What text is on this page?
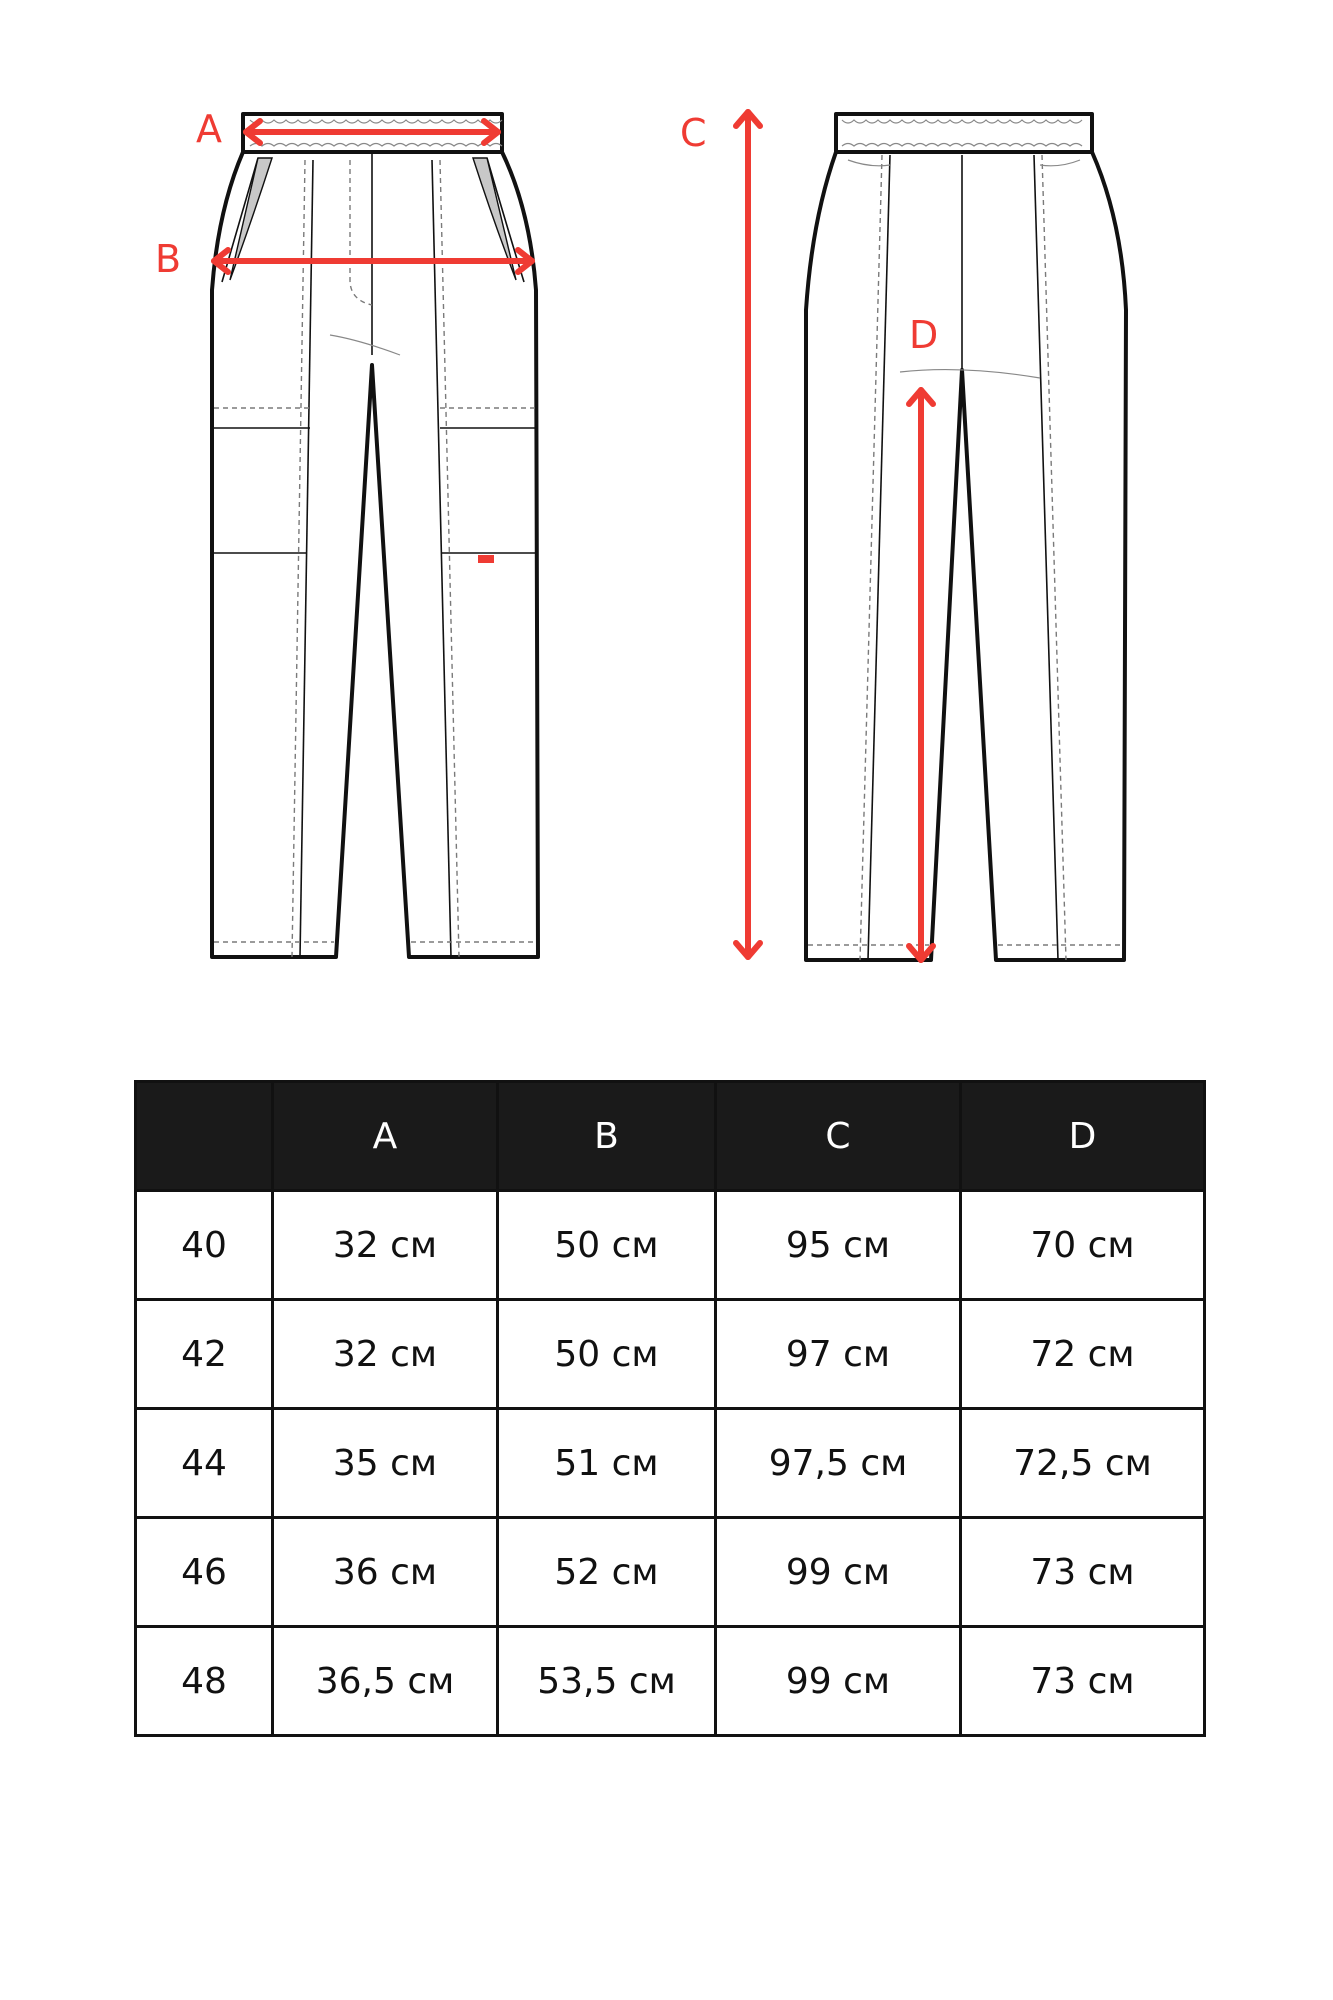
A
B
C
D
	A	B	C	D
40	32 см	50 см	95 см	70 см
42	32 см	50 см	97 см	72 см
44	35 см	51 см	97,5 см	72,5 см
46	36 см	52 см	99 см	73 см
48	36,5 см	53,5 см	99 см	73 см
